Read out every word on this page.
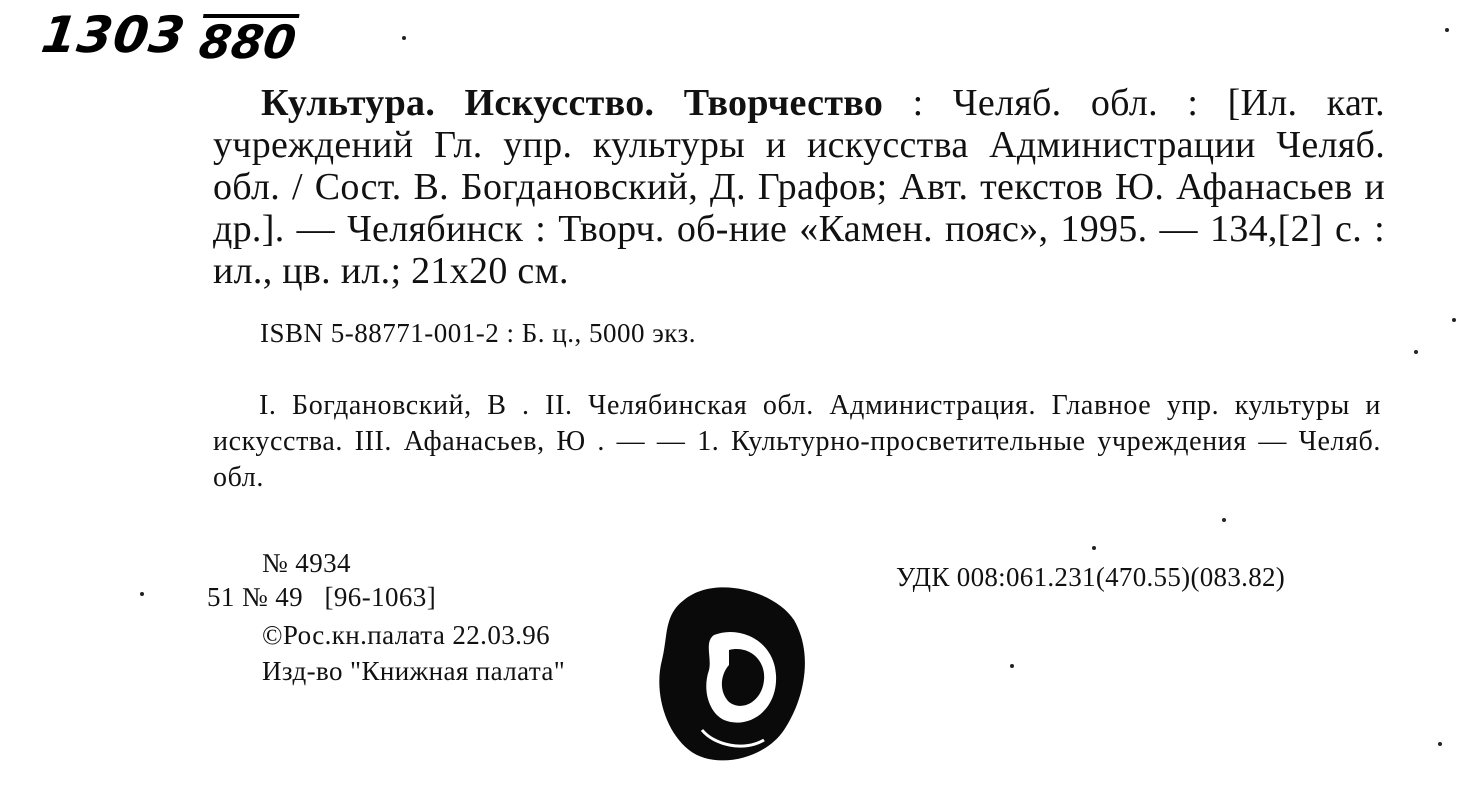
1303 880
Культура. Искусство. Творчество : Челяб. обл. : [Ил. кат. учреждений Гл. упр. культуры и искусства Администрации Челяб. обл. / Сост. В. Богдановский, Д. Графов; Авт. текстов Ю. Афанасьев и др.]. — Челябинск : Творч. об-ние «Камен. пояс», 1995. — 134,[2] с. : ил., цв. ил.; 21x20 см.
ISBN 5-88771-001-2 : Б. ц., 5000 экз.
I. Богдановский, В . II. Челябинская обл. Администрация. Главное упр. культуры и искусства. III. Афанасьев, Ю . — — 1. Культурно-просветительные учреждения — Челяб. обл.
№ 4934
51 № 49   [96-1063]
©Рос.кн.палата 22.03.96
Изд-во "Книжная палата"
УДК 008:061.231(470.55)(083.82)
